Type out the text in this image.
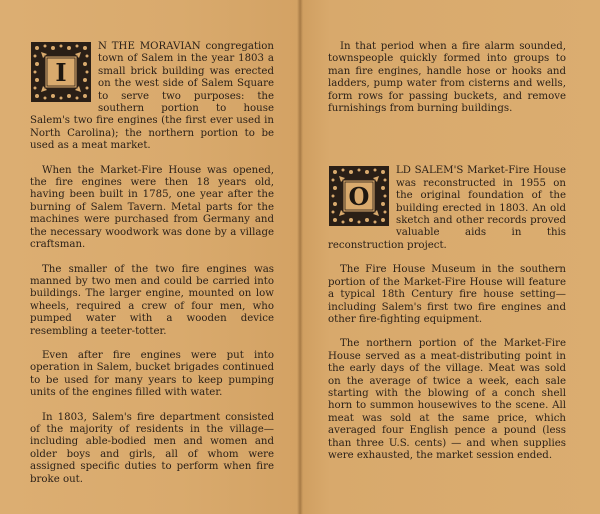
I

N THE MORAVIAN congregation town of Salem in the year 1803 a small brick building was erected on the west side of Salem Square to serve two purposes: the southern portion to house Salem's two fire engines (the first ever used in North Carolina); the northern portion to be used as a meat market.

When the Market-Fire House was opened, the fire engines were then 18 years old, having been built in 1785, one year after the burning of Salem Tavern. Metal parts for the machines were purchased from Germany and the necessary woodwork was done by a village craftsman.

The smaller of the two fire engines was manned by two men and could be carried into buildings. The larger engine, mounted on low wheels, required a crew of four men, who pumped water with a wooden device resembling a teeter-totter.

Even after fire engines were put into operation in Salem, bucket brigades continued to be used for many years to keep pumping units of the engines filled with water.

In 1803, Salem's fire department consisted of the majority of residents in the village—including able-bodied men and women and older boys and girls, all of whom were assigned specific duties to perform when fire broke out.

In that period when a fire alarm sounded, townspeople quickly formed into groups to man fire engines, handle hose or hooks and ladders, pump water from cisterns and wells, form rows for passing buckets, and remove furnishings from burning buildings.

O

LD SALEM'S Market-Fire House was reconstructed in 1955 on the original foundation of the building erected in 1803. An old sketch and other records proved valuable aids in this reconstruction project.

The Fire House Museum in the southern portion of the Market-Fire House will feature a typical 18th Century fire house setting—including Salem's first two fire engines and other fire-fighting equipment.

The northern portion of the Market-Fire House served as a meat-distributing point in the early days of the village. Meat was sold on the average of twice a week, each sale starting with the blowing of a conch shell horn to summon housewives to the scene. All meat was sold at the same price, which averaged four English pence a pound (less than three U.S. cents) — and when supplies were exhausted, the market session ended.
